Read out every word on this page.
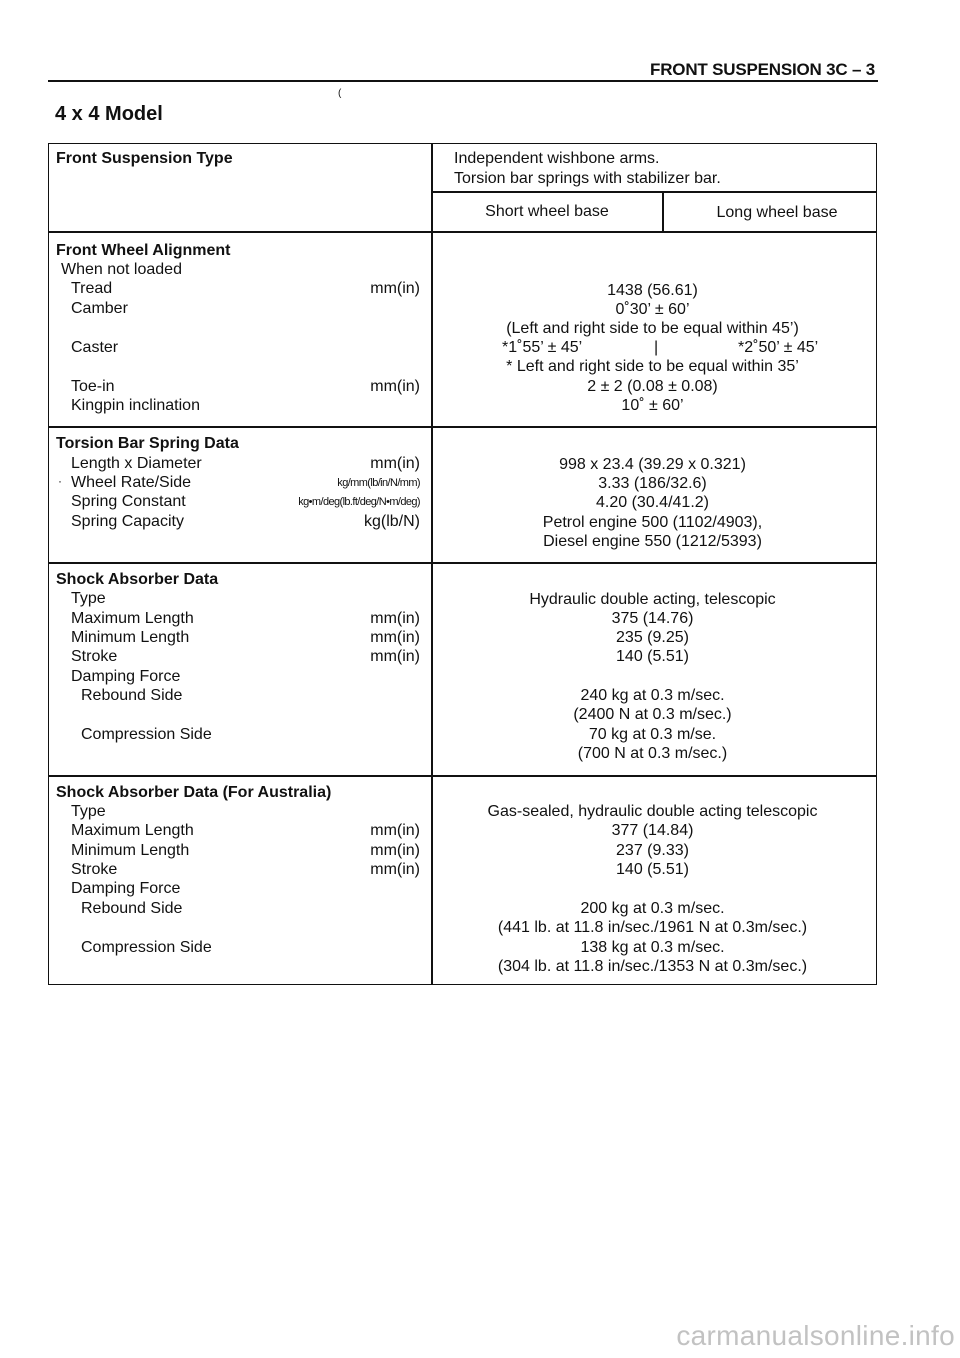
FRONT SUSPENSION 3C – 3
(
4 x 4 Model
Front Suspension Type	Independent wishbone arms.
Torsion bar springs with stabilizer bar.
Short wheel base	Long wheel base
Front Wheel Alignment
When not loaded
Tread	mm(in)	1438 (56.61)
Camber	0˚30’ ± 60’
(Left and right side to be equal within 45’)
Caster	*1˚55’ ± 45’	|	*2˚50’ ± 45’
* Left and right side to be equal within 35’
Toe-in	mm(in)	2 ± 2 (0.08 ± 0.08)
Kingpin inclination	10˚ ± 60’
Torsion Bar Spring Data
Length x Diameter	mm(in)	998 x 23.4 (39.29 x 0.321)
· Wheel Rate/Side	kg/mm(lb/in/N/mm)	3.33 (186/32.6)
Spring Constant	kg•m/deg(lb.ft/deg/N•m/deg)	4.20 (30.4/41.2)
Spring Capacity	kg(lb/N)	Petrol engine 500 (1102/4903),
Diesel engine 550 (1212/5393)
Shock Absorber Data
Type	Hydraulic double acting, telescopic
Maximum Length	mm(in)	375 (14.76)
Minimum Length	mm(in)	235 (9.25)
Stroke	mm(in)	140 (5.51)
Damping Force
Rebound Side	240 kg at 0.3 m/sec.
(2400 N at 0.3 m/sec.)
Compression Side	70 kg at 0.3 m/se.
(700 N at 0.3 m/sec.)
Shock Absorber Data (For Australia)
Type	Gas-sealed, hydraulic double acting telescopic
Maximum Length	mm(in)	377 (14.84)
Minimum Length	mm(in)	237 (9.33)
Stroke	mm(in)	140 (5.51)
Damping Force
Rebound Side	200 kg at 0.3 m/sec.
(441 lb. at 11.8 in/sec./1961 N at 0.3m/sec.)
Compression Side	138 kg at 0.3 m/sec.
(304 lb. at 11.8 in/sec./1353 N at 0.3m/sec.)
carmanualsonline.info
